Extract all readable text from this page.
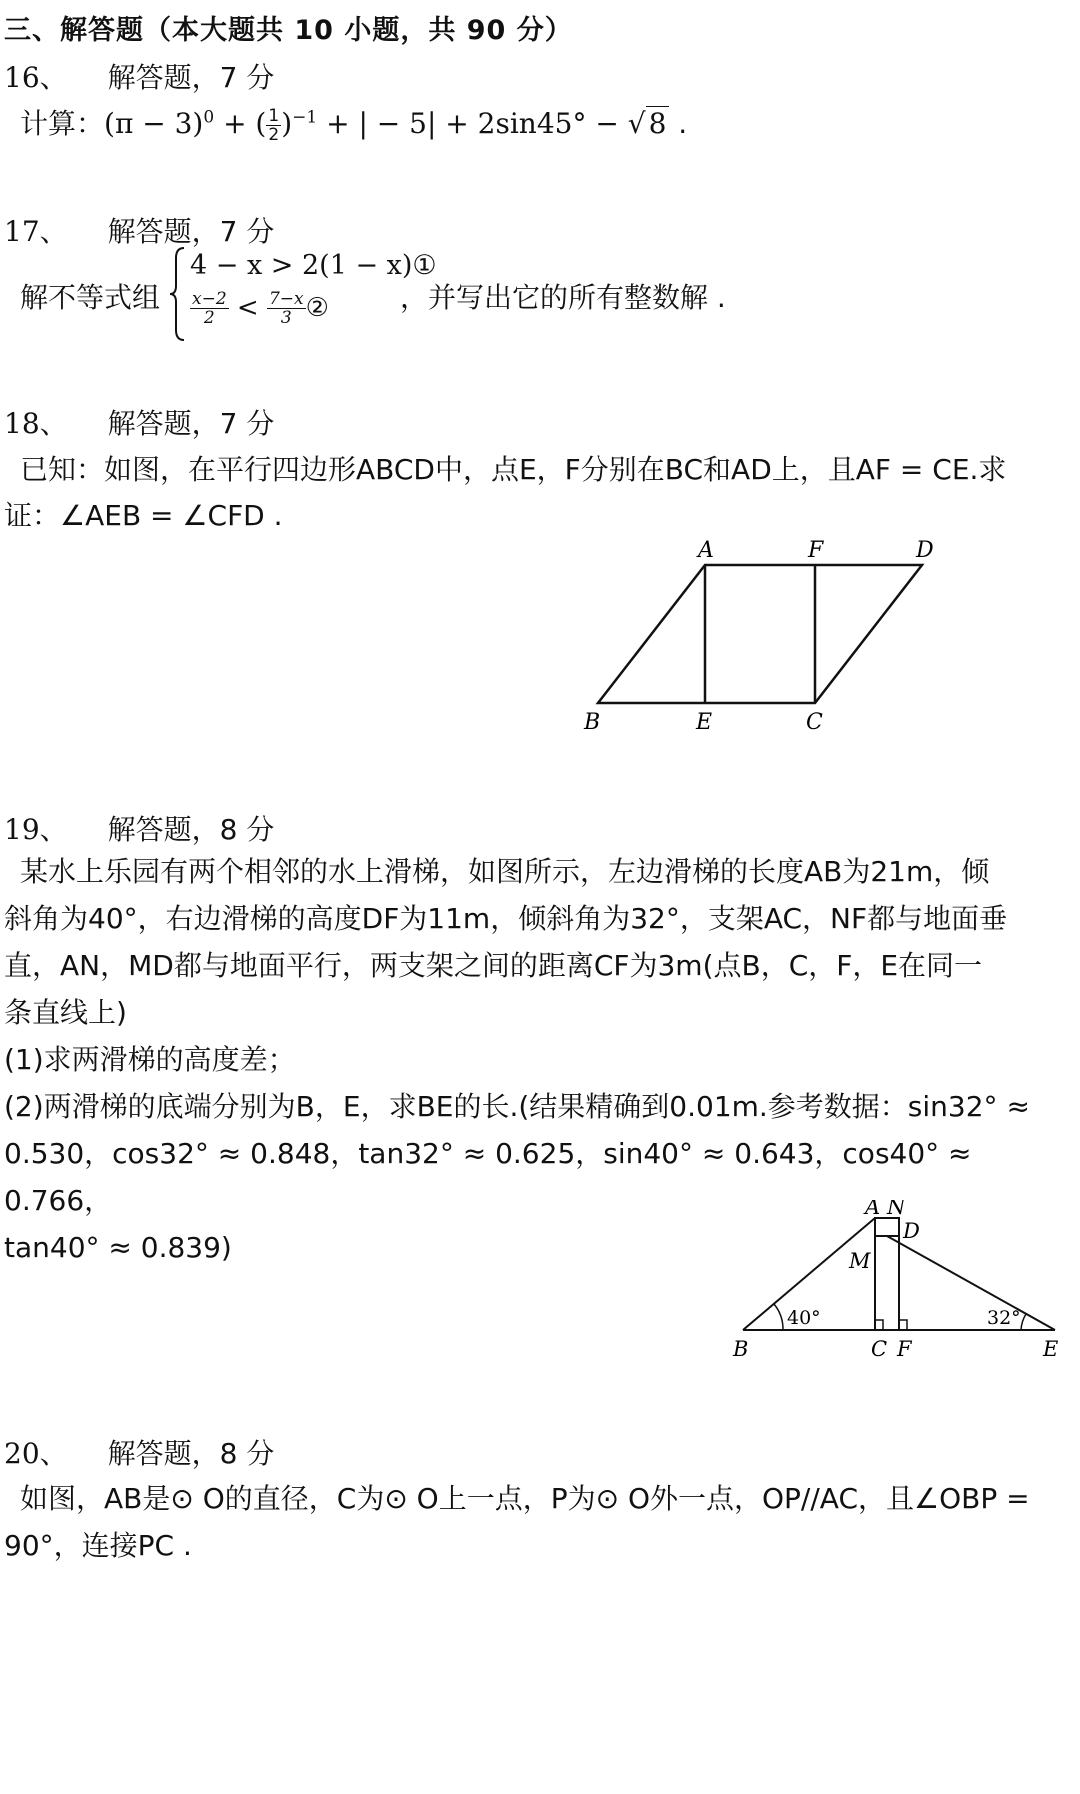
三、解答题（本大题共 10 小题，共 90 分）
16、 解答题，7 分
计算：$(\pi - 3)^0$ + ( $\frac{1}{2} )^{-1}$ + | − 5| + 2sin45° − √ 8 .
17、 解答题，7 分
解不等式组
4 − x > 2(1 − x)①
$\frac{x-2}{2} < \frac{7-x}{3}$ ②	，并写出它的所有整数解 .
18、 解答题，7 分
已知：如图，在平行四边形ABCD中，点E，F分别在BC和AD上，且AF = CE.求
证：∠AEB = ∠CFD .
A	F	D
B	E	C
19、 解答题，8 分
某水上乐园有两个相邻的水上滑梯，如图所示，左边滑梯的长度AB为21m，倾
斜角为40°，右边滑梯的高度DF为11m，倾斜角为32°，支架AC，NF都与地面垂
直，AN，MD都与地面平行，两支架之间的距离CF为3m(点B，C，F，E在同一
条直线上)
(1)求两滑梯的高度差；
(2)两滑梯的底端分别为B，E，求BE的长.(结果精确到0.01m.参考数据：sin32° ≈
0.530，cos32° ≈ 0.848，tan32° ≈ 0.625，sin40° ≈ 0.643，cos40° ≈ 0.766，
tan40° ≈ 0.839)
A N
D
M
40°	32°
B	C F	E
20、 解答题，8 分
如图，AB是⊙ O的直径，C为⊙ O上一点，P为⊙ O外一点，OP//AC，且∠OBP =
90°，连接PC .
